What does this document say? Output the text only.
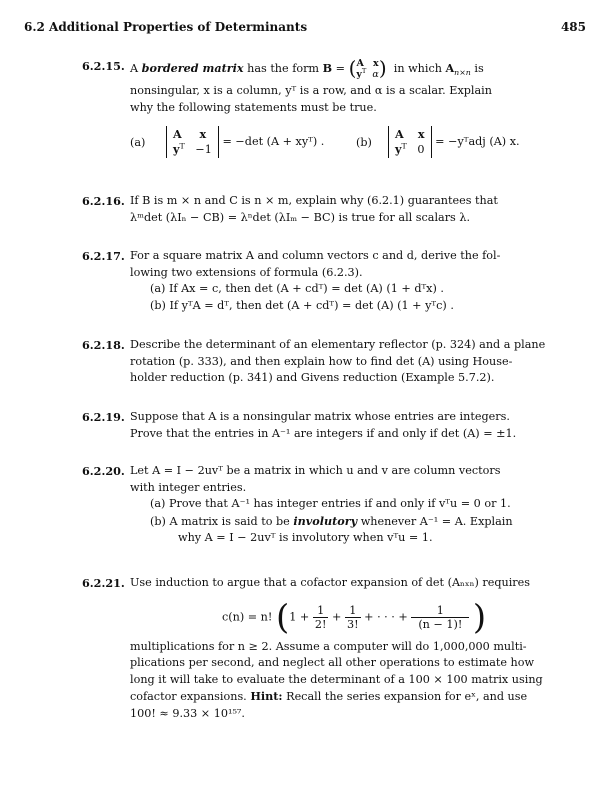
6.2 Additional Properties of Determinants	485
6.2.15. A bordered matrix has the form B = (A x
$y^T$ α) in which $A_{n\times n}$ is
nonsingular, x is a column, yᵀ is a row, and α is a scalar. Explain
why the following statements must be true.
(a)
A x
$y^T -1 = -\det$ (A + xyᵀ) .	(b)
A x
$y^T$   0 = −yᵀadj (A) x.
6.2.16. If B is m × n and C is n × m, explain why (6.2.1) guarantees that
λᵐdet (λIₙ − CB) = λⁿdet (λIₘ − BC) is true for all scalars λ.
6.2.17. For a square matrix A and column vectors c and d, derive the fol-
lowing two extensions of formula (6.2.3).
(a) If Ax = c, then det (A + cdᵀ) = det (A) (1 + dᵀx) .
(b) If yᵀA = dᵀ, then det (A + cdᵀ) = det (A) (1 + yᵀc) .
6.2.18. Describe the determinant of an elementary reflector (p. 324) and a plane
rotation (p. 333), and then explain how to find det (A) using House-
holder reduction (p. 341) and Givens reduction (Example 5.7.2).
6.2.19. Suppose that A is a nonsingular matrix whose entries are integers.
Prove that the entries in A⁻¹ are integers if and only if det (A) = ±1.
6.2.20. Let A = I − 2uvᵀ be a matrix in which u and v are column vectors
with integer entries.
(a) Prove that A⁻¹ has integer entries if and only if vᵀu = 0 or 1.
(b) A matrix is said to be involutory whenever A⁻¹ = A. Explain
why A = I − 2uvᵀ is involutory when vᵀu = 1.
6.2.21. Use induction to argue that a cofactor expansion of det (Aₙₓₙ) requires
c(n) = n! ($1 + \frac{1}{2!} + \frac{1}{3!}$ + · · · + $\frac{1}{(n - 1)!}$ )
multiplications for n ≥ 2. Assume a computer will do 1,000,000 multi-
plications per second, and neglect all other operations to estimate how
long it will take to evaluate the determinant of a 100 × 100 matrix using
cofactor expansions. Hint: Recall the series expansion for eˣ, and use
100! ≈ 9.33 × 10¹⁵⁷.
